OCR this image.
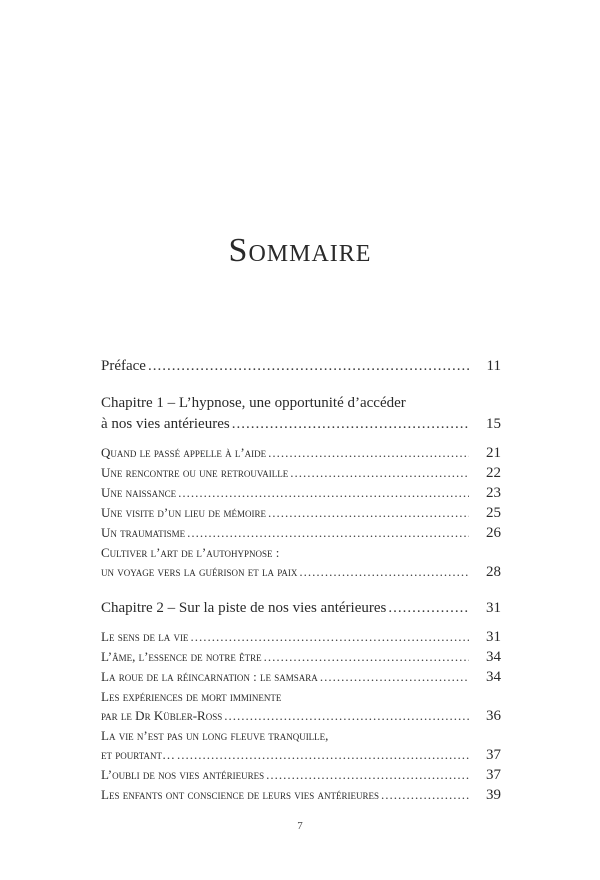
Sommaire
Préface .....	11
Chapitre 1 – L’hypnose, une opportunité d’accéder
à nos vies antérieures .....	15
Quand le passé appelle à l’aide .....	21
Une rencontre ou une retrouvaille .....	22
Une naissance .....	23
Une visite d’un lieu de mémoire .....	25
Un traumatisme .....	26
Cultiver l’art de l’autohypnose :
un voyage vers la guérison et la paix .....	28
Chapitre 2 – Sur la piste de nos vies antérieures .....	31
Le sens de la vie .....	31
L’âme, l’essence de notre être .....	34
La roue de la réincarnation : le samsara .....	34
Les expériences de mort imminente
par le Dr Kübler-Ross .....	36
La vie n’est pas un long fleuve tranquille,
et pourtant… .....	37
L’oubli de nos vies antérieures .....	37
Les enfants ont conscience de leurs vies antérieures .....	39
7
